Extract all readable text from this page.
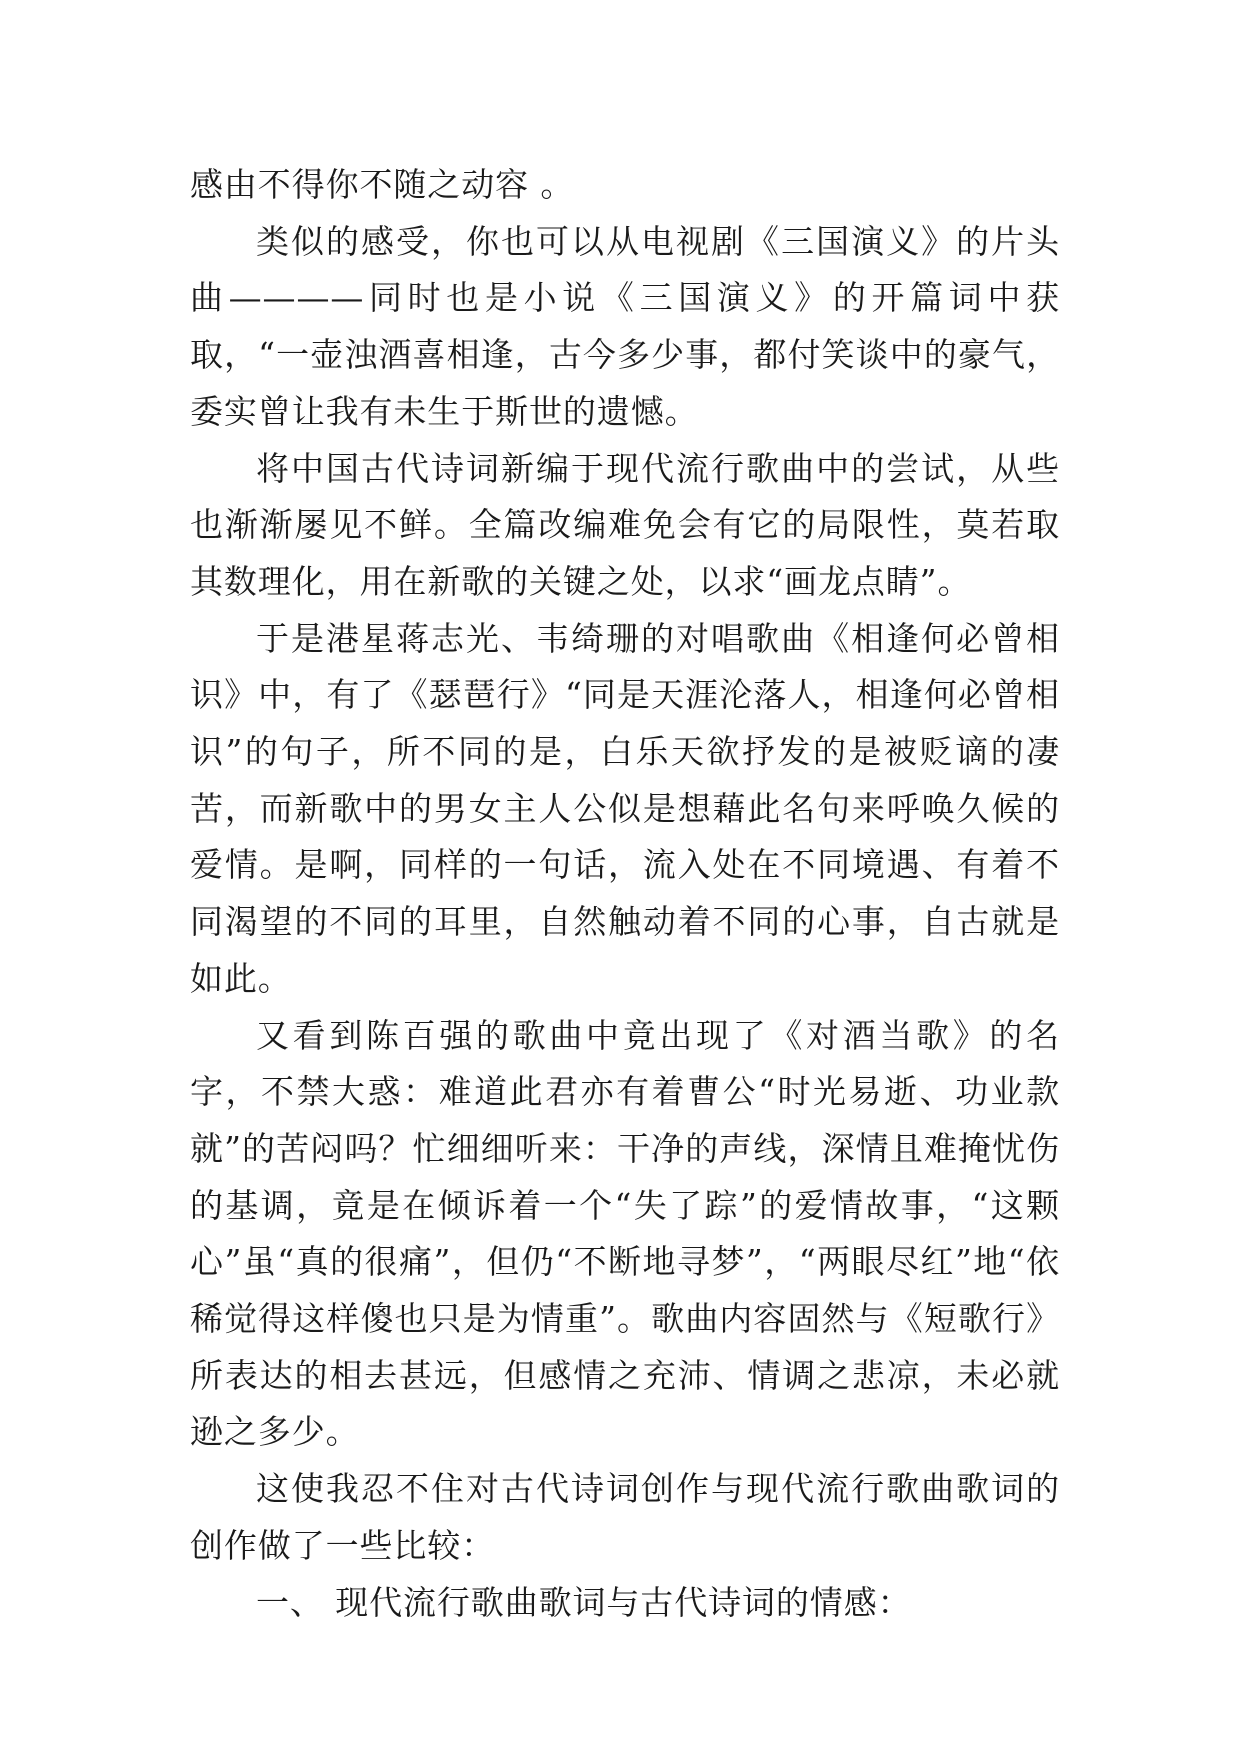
感由不得你不随之动容 。

类似的感受，你也可以从电视剧《三国演义》的片头曲————同时也是小说《三国演义》的开篇词中获取，“一壶浊酒喜相逢，古今多少事，都付笑谈中的豪气，委实曾让我有未生于斯世的遗憾。

将中国古代诗词新编于现代流行歌曲中的尝试，从些也渐渐屡见不鲜。全篇改编难免会有它的局限性，莫若取其数理化，用在新歌的关键之处，以求“画龙点睛”。

于是港星蒋志光、韦绮珊的对唱歌曲《相逢何必曾相识》中，有了《瑟琶行》“同是天涯沦落人，相逢何必曾相识”的句子，所不同的是，白乐天欲抒发的是被贬谪的凄苦，而新歌中的男女主人公似是想藉此名句来呼唤久候的爱情。是啊，同样的一句话，流入处在不同境遇、有着不同渴望的不同的耳里，自然触动着不同的心事，自古就是如此。

又看到陈百强的歌曲中竟出现了《对酒当歌》的名字，不禁大惑：难道此君亦有着曹公“时光易逝、功业款就”的苦闷吗？忙细细听来：干净的声线，深情且难掩忧伤的基调，竟是在倾诉着一个“失了踪”的爱情故事，“这颗心”虽“真的很痛”，但仍“不断地寻梦”，“两眼尽红”地“依稀觉得这样傻也只是为情重”。歌曲内容固然与《短歌行》所表达的相去甚远，但感情之充沛、情调之悲凉，未必就逊之多少。

这使我忍不住对古代诗词创作与现代流行歌曲歌词的创作做了一些比较：

一、 现代流行歌曲歌词与古代诗词的情感：
